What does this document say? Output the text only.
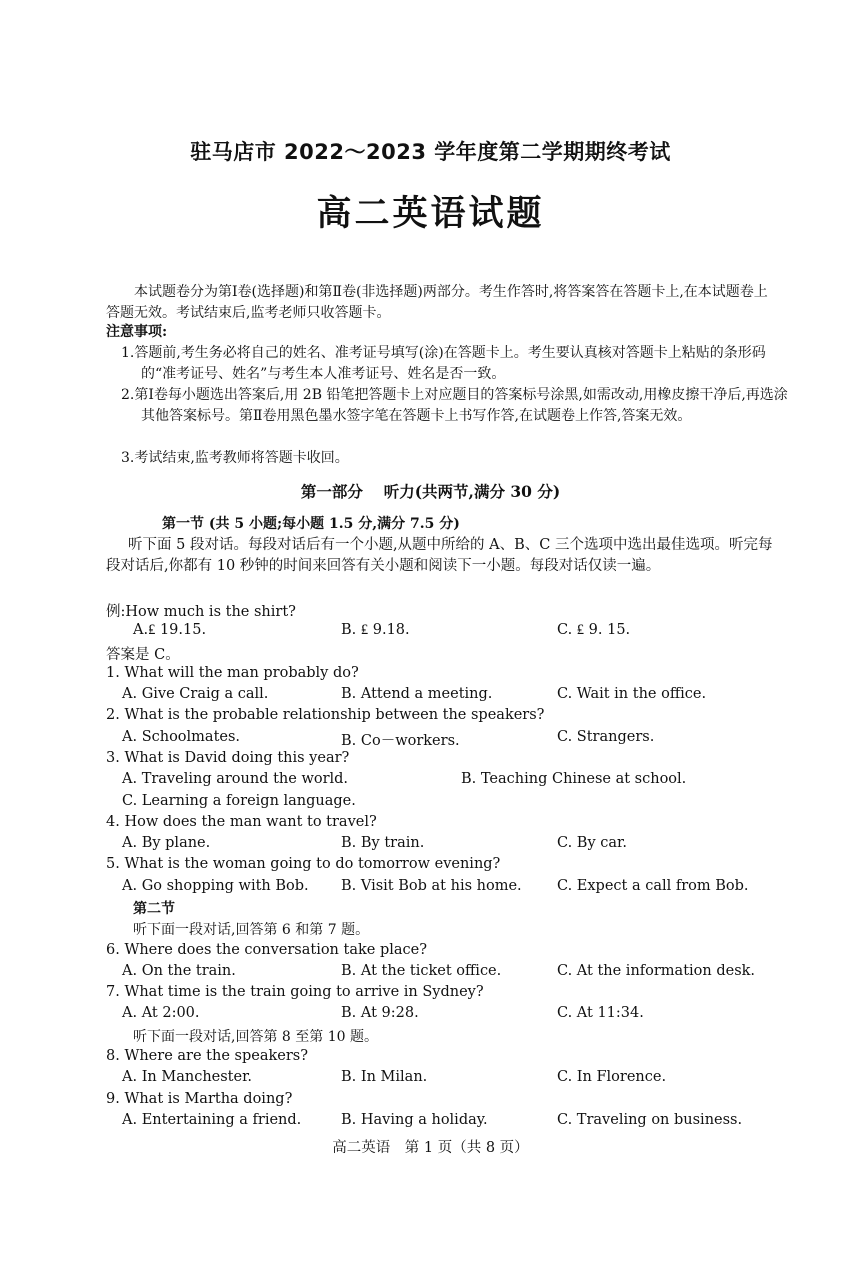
驻马店市 2022～2023 学年度第二学期期终考试
高二英语试题
本试题卷分为第Ⅰ卷(选择题)和第Ⅱ卷(非选择题)两部分。考生作答时,将答案答在答题卡上,在本试题卷上答题无效。考试结束后,监考老师只收答题卡。
注意事项:
1.答题前,考生务必将自己的姓名、准考证号填写(涂)在答题卡上。考生要认真核对答题卡上粘贴的条形码的“准考证号、姓名”与考生本人准考证号、姓名是否一致。
2.第Ⅰ卷每小题选出答案后,用 2B 铅笔把答题卡上对应题目的答案标号涂黑,如需改动,用橡皮擦干净后,再选涂其他答案标号。第Ⅱ卷用黑色墨水签字笔在答题卡上书写作答,在试题卷上作答,答案无效。
3.考试结束,监考教师将答题卡收回。
第一部分　 听力(共两节,满分 30 分)
第一节 (共 5 小题;每小题 1.5 分,满分 7.5 分)
听下面 5 段对话。每段对话后有一个小题,从题中所给的 A、B、C 三个选项中选出最佳选项。听完每段对话后,你都有 10 秒钟的时间来回答有关小题和阅读下一小题。每段对话仅读一遍。
例:How much is the shirt?
A.₤ 19.15.	B. ₤ 9.18.	C. ₤ 9. 15.
答案是 C。
1. What will the man probably do?
A. Give Craig a call.	B. Attend a meeting.	C. Wait in the office.
2. What is the probable relationship between the speakers?
A. Schoolmates.	B. Co－workers.	C. Strangers.
3. What is David doing this year?
A. Traveling around the world.	B. Teaching Chinese at school.
C. Learning a foreign language.
4. How does the man want to travel?
A. By plane.	B. By train.	C. By car.
5. What is the woman going to do tomorrow evening?
A. Go shopping with Bob. B. Visit Bob at his home. C. Expect a call from Bob.
第二节
听下面一段对话,回答第 6 和第 7 题。
6. Where does the conversation take place?
A. On the train.	B. At the ticket office.	C. At the information desk.
7. What time is the train going to arrive in Sydney?
A. At 2:00.	B. At 9:28.	C. At 11:34.
听下面一段对话,回答第 8 至第 10 题。
8. Where are the speakers?
A. In Manchester.	B. In Milan.	C. In Florence.
9. What is Martha doing?
A. Entertaining a friend.	B. Having a holiday.	C. Traveling on business.
高二英语　第 1 页（共 8 页）
